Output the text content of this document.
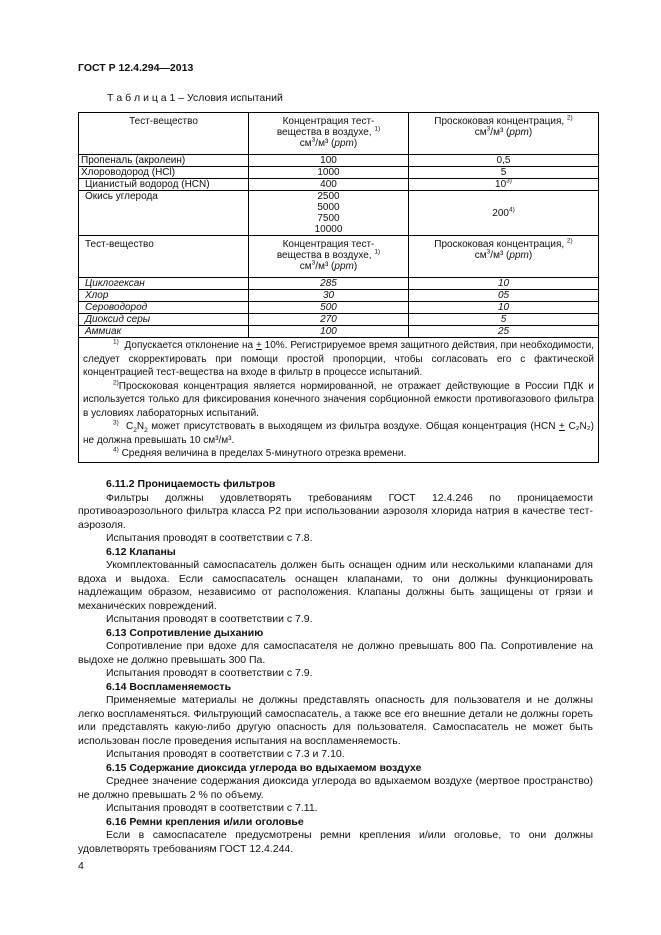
ГОСТ Р 12.4.294—2013
Т а б л и ц а 1 – Условия испытаний
Тест-вещество	Концентрация тест-
вещества в воздухе, $^{1)}$
$см^3/м^3$ (ppm)	Проскоковая концентрация, $^{2)}$
$см^3/м^3$ (ppm)
Пропеналь (акролеин)	100	0,5
Хлороводород (HCl)	1000	5
Цианистый водород (HCN)	400	10$^{3)}$
Окись углерода	2500
5000
7500
10000	200$^{4)}$
Тест-вещество	Концентрация тест-
вещества в воздухе, $^{1)}$
$см^3/м^3$ (ppm)	Проскоковая концентрация, $^{2)}$
$см^3/м^3$ (ppm)
Циклогексан	285	10
Хлор	30	05
Сероводород	500	10
Диоксид серы	270	5
Аммиак	100	25

$^{1)}$ Допускается отклонение на + 10%. Регистрируемое время защитного действия, при необходимости, следует скорректировать при помощи простой пропорции, чтобы согласовать его с фактической концентрацией тест-вещества на входе в фильтр в процессе испытаний.

$^{2)}$Проскоковая концентрация является нормированной, не отражает действующие в России ПДК и используется только для фиксирования конечного значения сорбционной емкости противогазового фильтра в условиях лабораторных испытаний.

$^{3)}$ $C_2N_2$ может присутствовать в выходящем из фильтра воздухе. Общая концентрация (HCN + C₂N₂) не должна превышать 10 см³/м³.

$^{4)}$ Средняя величина в пределах 5-минутного отрезка времени.		

6.11.2 Проницаемость фильтров

Фильтры должны удовлетворять требованиям ГОСТ 12.4.246 по проницаемости противоаэрозольного фильтра класса Р2 при использовании аэрозоля хлорида натрия в качестве тест-аэрозоля.

Испытания проводят в соответствии с 7.8.

6.12 Клапаны

Укомплектованный самоспасатель должен быть оснащен одним или несколькими клапанами для вдоха и выдоха. Если самоспасатель оснащен клапанами, то они должны функционировать надлежащим образом, независимо от расположения. Клапаны должны быть защищены от грязи и механических повреждений.

Испытания проводят в соответствии с 7.9.

6.13 Сопротивление дыханию

Сопротивление при вдохе для самоспасателя не должно превышать 800 Па. Сопротивление на выдохе не должно превышать 300 Па.

Испытания проводят в соответствии с 7.9.

6.14 Воспламеняемость

Применяемые материалы не должны представлять опасность для пользователя и не должны легко воспламеняться. Фильтрующий самоспасатель, а также все его внешние детали не должны гореть или представлять какую-либо другую опасность для пользователя. Самоспасатель не может быть использован после проведения испытания на воспламеняемость.

Испытания проводят в соответствии с 7.3 и 7.10.

6.15 Содержание диоксида углерода во вдыхаемом воздухе

Среднее значение содержания диоксида углерода во вдыхаемом воздухе (мертвое пространство) не должно превышать 2 % по объему.

Испытания проводят в соответствии с 7.11.

6.16 Ремни крепления и/или оголовье

Если в самоспасателе предусмотрены ремни крепления и/или оголовье, то они должны удовлетворять требованиям ГОСТ 12.4.244.

4
